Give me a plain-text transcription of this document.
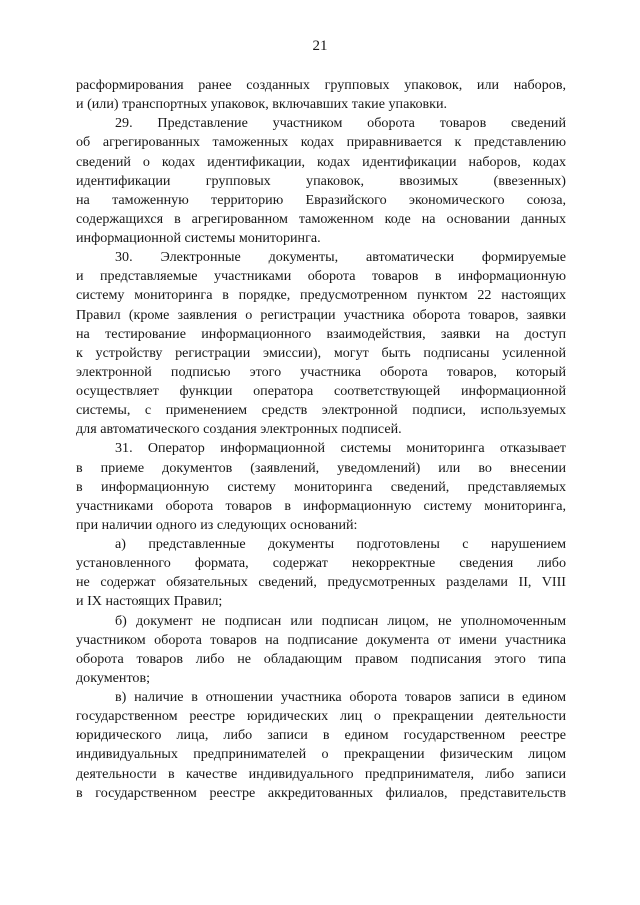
21
расформирования ранее созданных групповых упаковок, или наборов,
и (или) транспортных упаковок, включавших такие упаковки.
29. Представление участником оборота товаров сведений
об агрегированных таможенных кодах приравнивается к представлению
сведений о кодах идентификации, кодах идентификации наборов, кодах
идентификации групповых упаковок, ввозимых (ввезенных)
на таможенную территорию Евразийского экономического союза,
содержащихся в агрегированном таможенном коде на основании данных
информационной системы мониторинга.
30. Электронные документы, автоматически формируемые
и представляемые участниками оборота товаров в информационную
систему мониторинга в порядке, предусмотренном пунктом 22 настоящих
Правил (кроме заявления о регистрации участника оборота товаров, заявки
на тестирование информационного взаимодействия, заявки на доступ
к устройству регистрации эмиссии), могут быть подписаны усиленной
электронной подписью этого участника оборота товаров, который
осуществляет функции оператора соответствующей информационной
системы, с применением средств электронной подписи, используемых
для автоматического создания электронных подписей.
31. Оператор информационной системы мониторинга отказывает
в приеме документов (заявлений, уведомлений) или во внесении
в информационную систему мониторинга сведений, представляемых
участниками оборота товаров в информационную систему мониторинга,
при наличии одного из следующих оснований:
а) представленные документы подготовлены с нарушением
установленного формата, содержат некорректные сведения либо
не содержат обязательных сведений, предусмотренных разделами II, VIII
и IX настоящих Правил;
б) документ не подписан или подписан лицом, не уполномоченным
участником оборота товаров на подписание документа от имени участника
оборота товаров либо не обладающим правом подписания этого типа
документов;
в) наличие в отношении участника оборота товаров записи в едином
государственном реестре юридических лиц о прекращении деятельности
юридического лица, либо записи в едином государственном реестре
индивидуальных предпринимателей о прекращении физическим лицом
деятельности в качестве индивидуального предпринимателя, либо записи
в государственном реестре аккредитованных филиалов, представительств
